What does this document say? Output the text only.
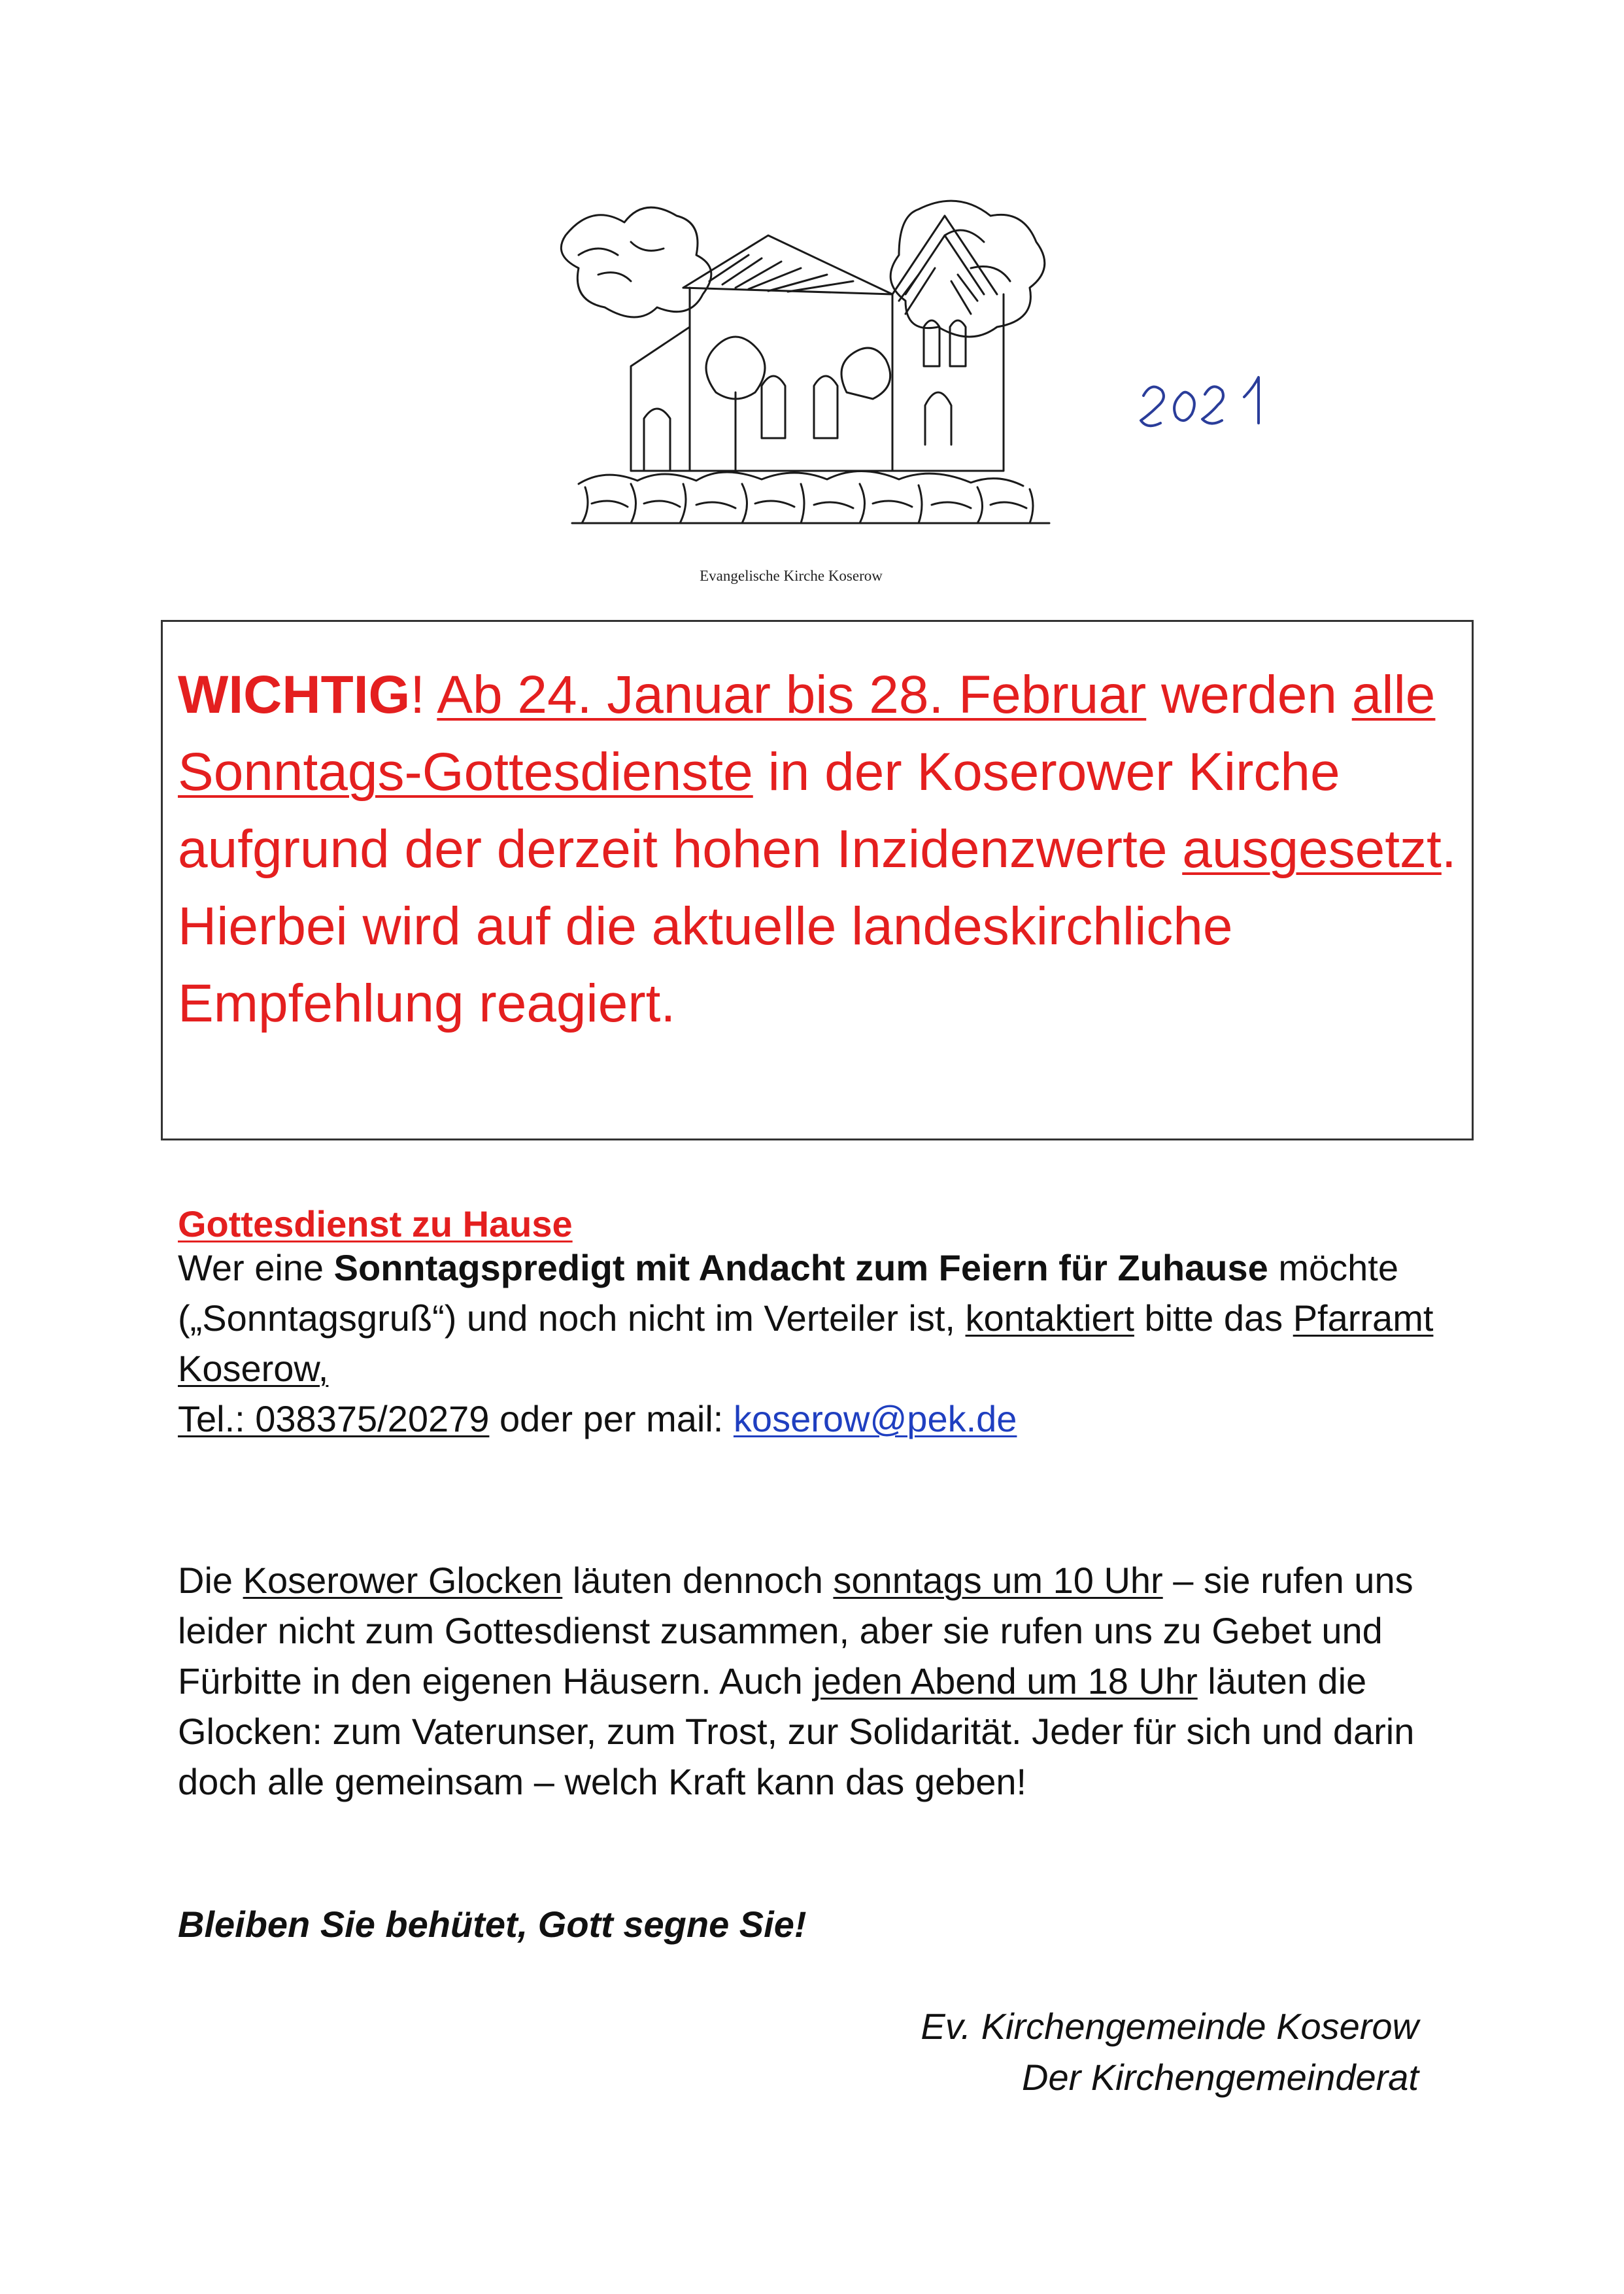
Evangelische Kirche Koserow

WICHTIG! Ab 24. Januar bis 28. Februar werden alle Sonntags-Gottesdienste in der Koserower Kirche aufgrund der derzeit hohen Inzidenzwerte ausgesetzt. Hierbei wird auf die aktuelle landeskirchliche Empfehlung reagiert.

Gottesdienst zu Hause

Wer eine Sonntagspredigt mit Andacht zum Feiern für Zuhause möchte („Sonntagsgruß“) und noch nicht im Verteiler ist, kontaktiert bitte das Pfarramt Koserow,
Tel.: 038375/20279 oder per mail: koserow@pek.de

Die Koserower Glocken läuten dennoch sonntags um 10 Uhr – sie rufen uns leider nicht zum Gottesdienst zusammen, aber sie rufen uns zu Gebet und Fürbitte in den eigenen Häusern. Auch jeden Abend um 18 Uhr läuten die Glocken: zum Vaterunser, zum Trost, zur Solidarität. Jeder für sich und darin doch alle gemeinsam – welch Kraft kann das geben!

Bleiben Sie behütet, Gott segne Sie!

Ev. Kirchengemeinde Koserow
Der Kirchengemeinderat
